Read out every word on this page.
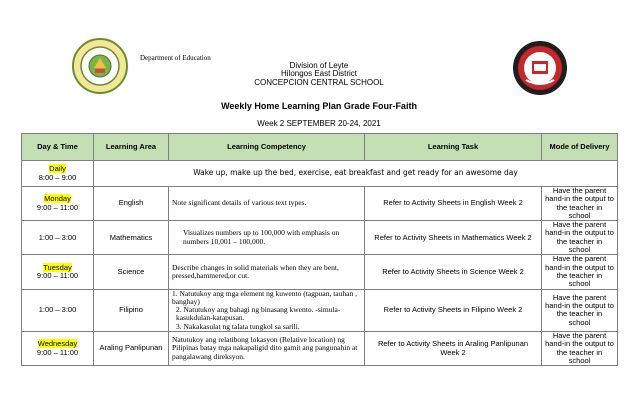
Department of Education
Division of Leyte
Hilongos East District
CONCEPCION CENTRAL SCHOOL
Weekly Home Learning Plan Grade Four-Faith
Week 2 SEPTEMBER 20-24, 2021
Day & Time	Learning Area	Learning Competency	Learning Task	Mode of Delivery
Daily
8:00 – 9:00	Wake up, make up the bed, exercise, eat breakfast and get ready for an awesome day			
Monday
9:00 – 11:00	English	Note significant details of various text types.	Refer to Activity Sheets in English Week 2	Have the parent hand-in the output to the teacher in school
1:00 – 3:00	Mathematics	Visualizes numbers up to 100,000 with emphasis on numbers 10,001 – 100,000.	Refer to Activity Sheets in Mathematics Week 2	Have the parent hand-in the output to the teacher in school
Tuesday
9:00 – 11:00	Science	Describe changes in solid materials when they are bent, pressed,hammered,or cut.	Refer to Activity Sheets in Science Week 2	Have the parent hand-in the output to the teacher in school
1:00 – 3:00	Filipino	1. Natutukoy ang mga element ng kuwento (tagpuan, tauhan , banghay)
2. Natutukoy ang bahagi ng binasang kwento. -simula-kasukdulan-katapusan.
3. Nakakasulat ng talata tungkol sa sarili.	Refer to Activity Sheets in Filipino Week 2	Have the parent hand-in the output to the teacher in school
Wednesday
9:00 – 11:00	Araling Panlipunan	Natutukoy ang relatibong lokasyon (Relative location) ng Pilipinas batay mga nakapaligid dito gamit ang pangunahin at pangalawang direksyon.	Refer to Activity Sheets in Araling Panlipunan Week 2	Have the parent hand-in the output to the teacher in school
